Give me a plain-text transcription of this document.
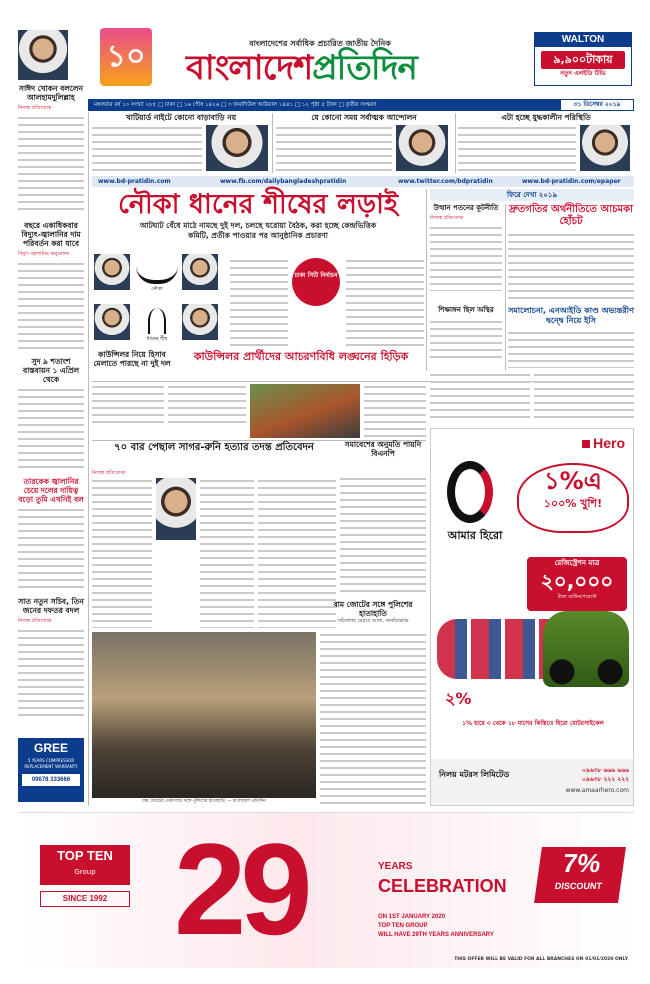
১০	বাংলাদেশের সর্বাধিক প্রচারিত জাতীয় দৈনিক
বাংলাদেশপ্রতিদিন
WALTON
৯,৯০০টাকায়
নতুন এলইডি টিভি
মঙ্গলবার বর্ষ ১০ সংখ্যা ২৮৫ □ ঢাকা □ ১৬ পৌষ ১৪২৬ □ ৩ জমাদিউল আউয়াল ১৪৪১ □ ১২ পৃষ্ঠা ৫ টাকা □ তৃতীয় সংস্করণ	৩১ ডিসেম্বর ২০১৯
সাঈদ খোকন বললেন আলহামদুলিল্লাহ
নিজস্ব প্রতিবেদক
বছরে একাধিকবার বিদ্যুৎ-জ্বালানির দাম পরিবর্তন করা যাবে
বিদ্যুৎ-জ্বালানির অনুমোদন
সুদ ৯ শতাংশ বাস্তবায়ন ১ এপ্রিল থেকে
তারকেক জ্বালানির চেয়ে দলের দায়িত্ব বড়ো তুমি এখনিই বল
সাত নতুন সচিব, তিন জনের দফতর বদল
নিজস্ব প্রতিবেদক
GREE
5 YEARS COMPRESSOR REPLACEMENT WARRANTY
09678 333666
খাটিয়ার্ড নাইটে কোনো বাড়াবাড়ি নয়	যে কোনো সময় সর্বাত্মক আন্দোলন	এটা হচ্ছে যুদ্ধকালীন পরিস্থিতি
www.bd-pratidin.com	www.fb.com/dailybangladeshpratidin	www.twitter.com/bdpratidin	www.bd-pratidin.com/epaper
নৌকা ধানের শীষের লড়াই
আটঘাট বেঁধে মাঠে নামছে দুই দল, চলছে ঘরোয়া বৈঠক, করা হচ্ছে কেন্দ্রভিত্তিক
কমিটি, প্রতীক পাওয়ার পর আনুষ্ঠানিক প্রচারণা
নৌকা
ধানের শীষ
ঢাকা সিটি নির্বাচন
ফিরে দেখা ২০১৯
উত্থান পতনের কূটনীতি
নিজস্ব প্রতিবেদক
শিক্ষাঙ্গন ছিল অস্থির
দ্রুতগতির অর্থনীতিতে আচমকা হোঁচট
সমালোচনা, এনআইডি কাণ্ড অভ্যন্তরীণ দ্বন্দ্বে নিয়ে ইসি
কাউন্সিলর নিয়ে হিসাব মেলাতে পারছে না দুই দল
কাউন্সিলর প্রার্থীদের আচরণবিধি লঙ্ঘনের হিড়িক
৭০ বার পেছাল সাগর-রুনি হত্যার তদন্ত প্রতিবেদন	সমাবেশের অনুমতি পায়নি বিএনপি
নিজস্ব প্রতিবেদক
বাম জোটের সঙ্গে পুলিশের হাতাহাতি
সচিবালয় ঘেরাও আজ, জনবিক্ষোভ
বাম জোটের একাংশের সঙ্গে পুলিশের হাতাহাতি — বাংলাদেশ প্রতিদিন
Hero
আমার হিরো
১%এ
১০০% খুশি!
রেজিস্ট্রেশন মাত্র
২০,০০০
টাকা ডাউনপেমেন্টে
২%
১% হারে ৩ থেকে ১৮ মাসের কিস্তিতে হিরো মোটরসাইকেল
নিলয় মটরস লিমিটেড	০৯৬৩৮ ৬৬৬ ৬৬৬
০৯৬৩৮ ২২২ ২২২
www.amaarhero.com
TOP TEN
Group
SINCE 1992 29	YEARS
CELEBRATION
ON 1ST JANUARY 2020
TOP TEN GROUP
WILL HAVE 29TH YEARS ANNIVERSARY
7%
DISCOUNT
THIS OFFER WILL BE VALID FOR ALL BRANCHES ON 01/01/2020 ONLY
